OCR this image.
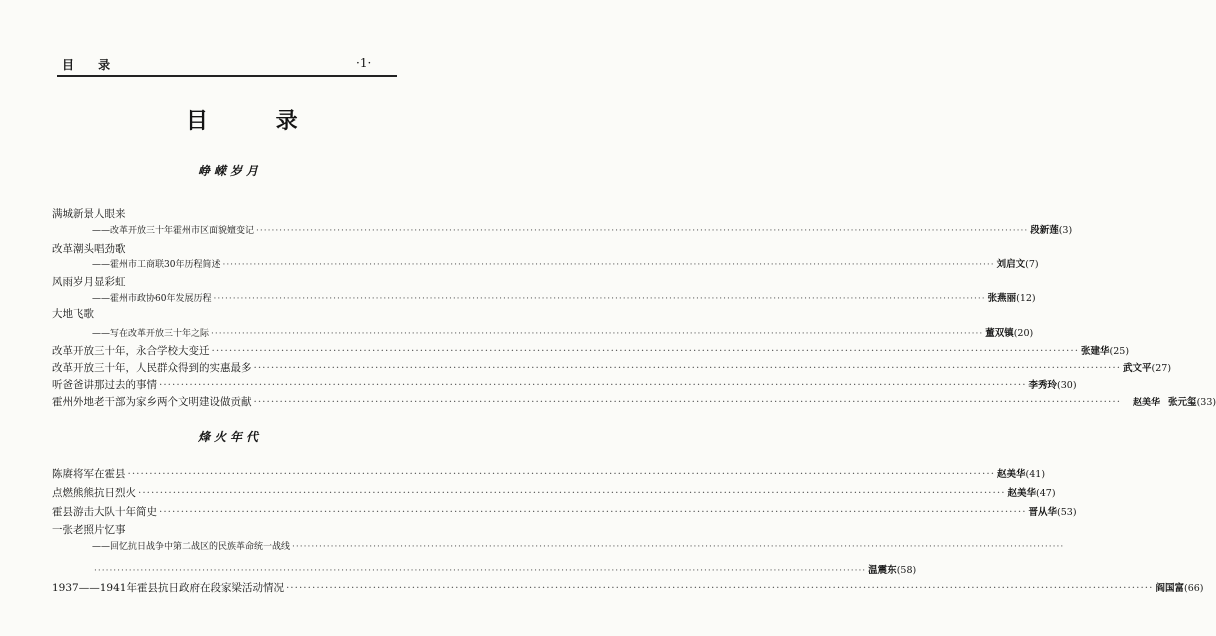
目 录	·1·
目 录
峥嵘岁月
满城新景人眼来
——改革开放三十年霍州市区面貌嬗变记 ········································································································································································································ 段新莲 (3)
改革潮头唱劲歌
——霍州市工商联30年历程简述 ········································································································································································································ 刘启文 (7)
风雨岁月显彩虹
——霍州市政协60年发展历程 ········································································································································································································ 张燕丽 (12)
大地飞歌
——写在改革开放三十年之际 ········································································································································································································ 董双镇 (20)
改革开放三十年，永合学校大变迁 ········································································································································································································ 张建华 (25)
改革开放三十年，人民群众得到的实惠最多 ········································································································································································································ 武文平 (27)
听爸爸讲那过去的事情 ········································································································································································································ 李秀玲 (30)
霍州外地老干部为家乡两个文明建设做贡献 ········································································································································································································ 赵美华 张元玺 (33)
烽火年代
陈赓将军在霍县 ········································································································································································································ 赵美华 (41)
点燃熊熊抗日烈火 ········································································································································································································ 赵美华 (47)
霍县游击大队十年简史 ········································································································································································································ 晋从华 (53)
一张老照片忆事
——回忆抗日战争中第二战区的民族革命统一战线 ········································································································································································································
········································································································································································································ 温震东 (58)
1937——1941年霍县抗日政府在段家梁活动情况 ········································································································································································································ 阎国富 (66)
